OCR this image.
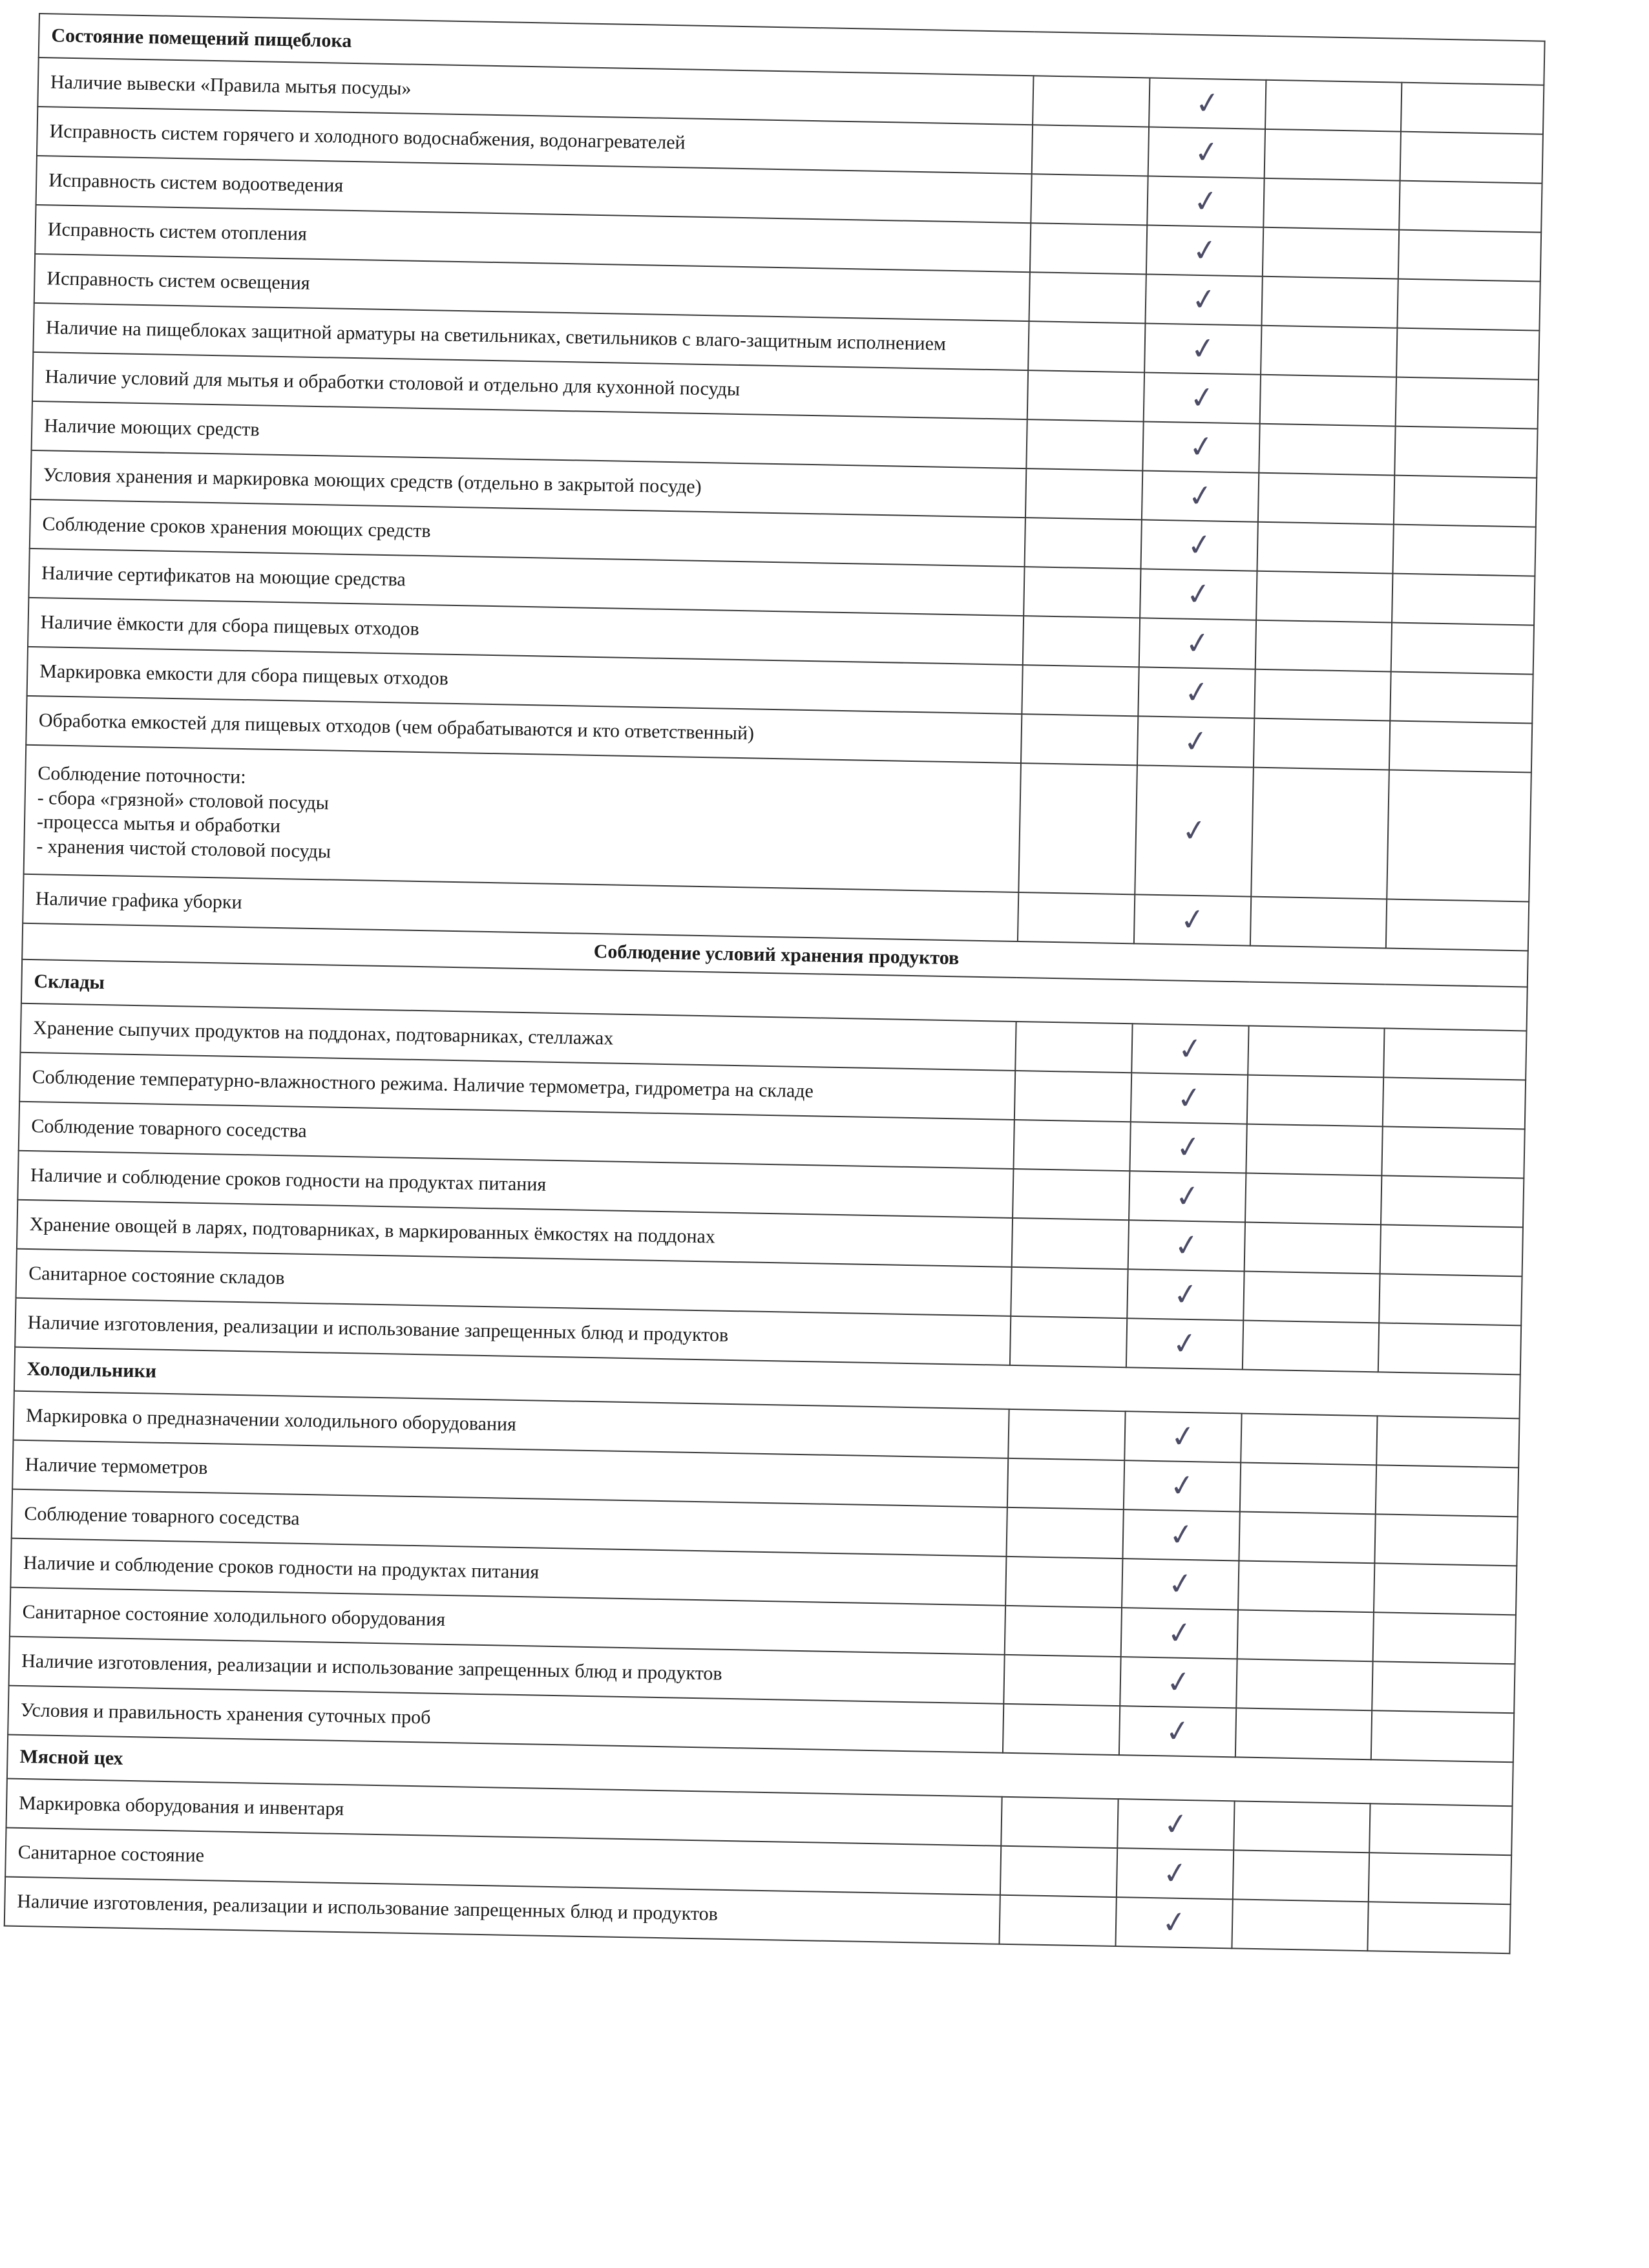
Состояние помещений пищеблока				
Наличие вывески «Правила мытья посуды»		✓		
Исправность систем горячего и холодного водоснабжения, водонагревателей		✓		
Исправность систем водоотведения		✓		
Исправность систем отопления		✓		
Исправность систем освещения		✓		
Наличие на пищеблоках защитной арматуры на светильниках, светильников с влаго-защитным исполнением		✓		
Наличие условий для мытья и обработки столовой и отдельно для кухонной посуды		✓		
Наличие моющих средств		✓		
Условия хранения и маркировка моющих средств (отдельно в закрытой посуде)		✓		
Соблюдение сроков хранения моющих средств		✓		
Наличие сертификатов на моющие средства		✓		
Наличие ёмкости для сбора пищевых отходов		✓		
Маркировка емкости для сбора пищевых отходов		✓		
Обработка емкостей для пищевых отходов (чем обрабатываются и кто ответственный)		✓		

Соблюдение поточности:
- сбора «грязной» столовой посуды
-процесса мытья и обработки
- хранения чистой столовой посуды		✓		
Наличие графика уборки		✓		
Соблюдение условий хранения продуктов				
Склады				
Хранение сыпучих продуктов на поддонах, подтоварниках, стеллажах		✓		
Соблюдение температурно-влажностного режима. Наличие термометра, гидрометра на складе		✓		
Соблюдение товарного соседства		✓		
Наличие и соблюдение сроков годности на продуктах питания		✓		
Хранение овощей в ларях, подтоварниках, в маркированных ёмкостях на поддонах		✓		
Санитарное состояние складов		✓		
Наличие изготовления, реализации и использование запрещенных блюд и продуктов		✓		
Холодильники				
Маркировка о предназначении холодильного оборудования		✓		
Наличие термометров		✓		
Соблюдение товарного соседства		✓		
Наличие и соблюдение сроков годности на продуктах питания		✓		
Санитарное состояние холодильного оборудования		✓		
Наличие изготовления, реализации и использование запрещенных блюд и продуктов		✓		
Условия и правильность хранения суточных проб		✓		
Мясной цех				
Маркировка оборудования и инвентаря		✓		
Санитарное состояние		✓		
Наличие изготовления, реализации и использование запрещенных блюд и продуктов		✓		
